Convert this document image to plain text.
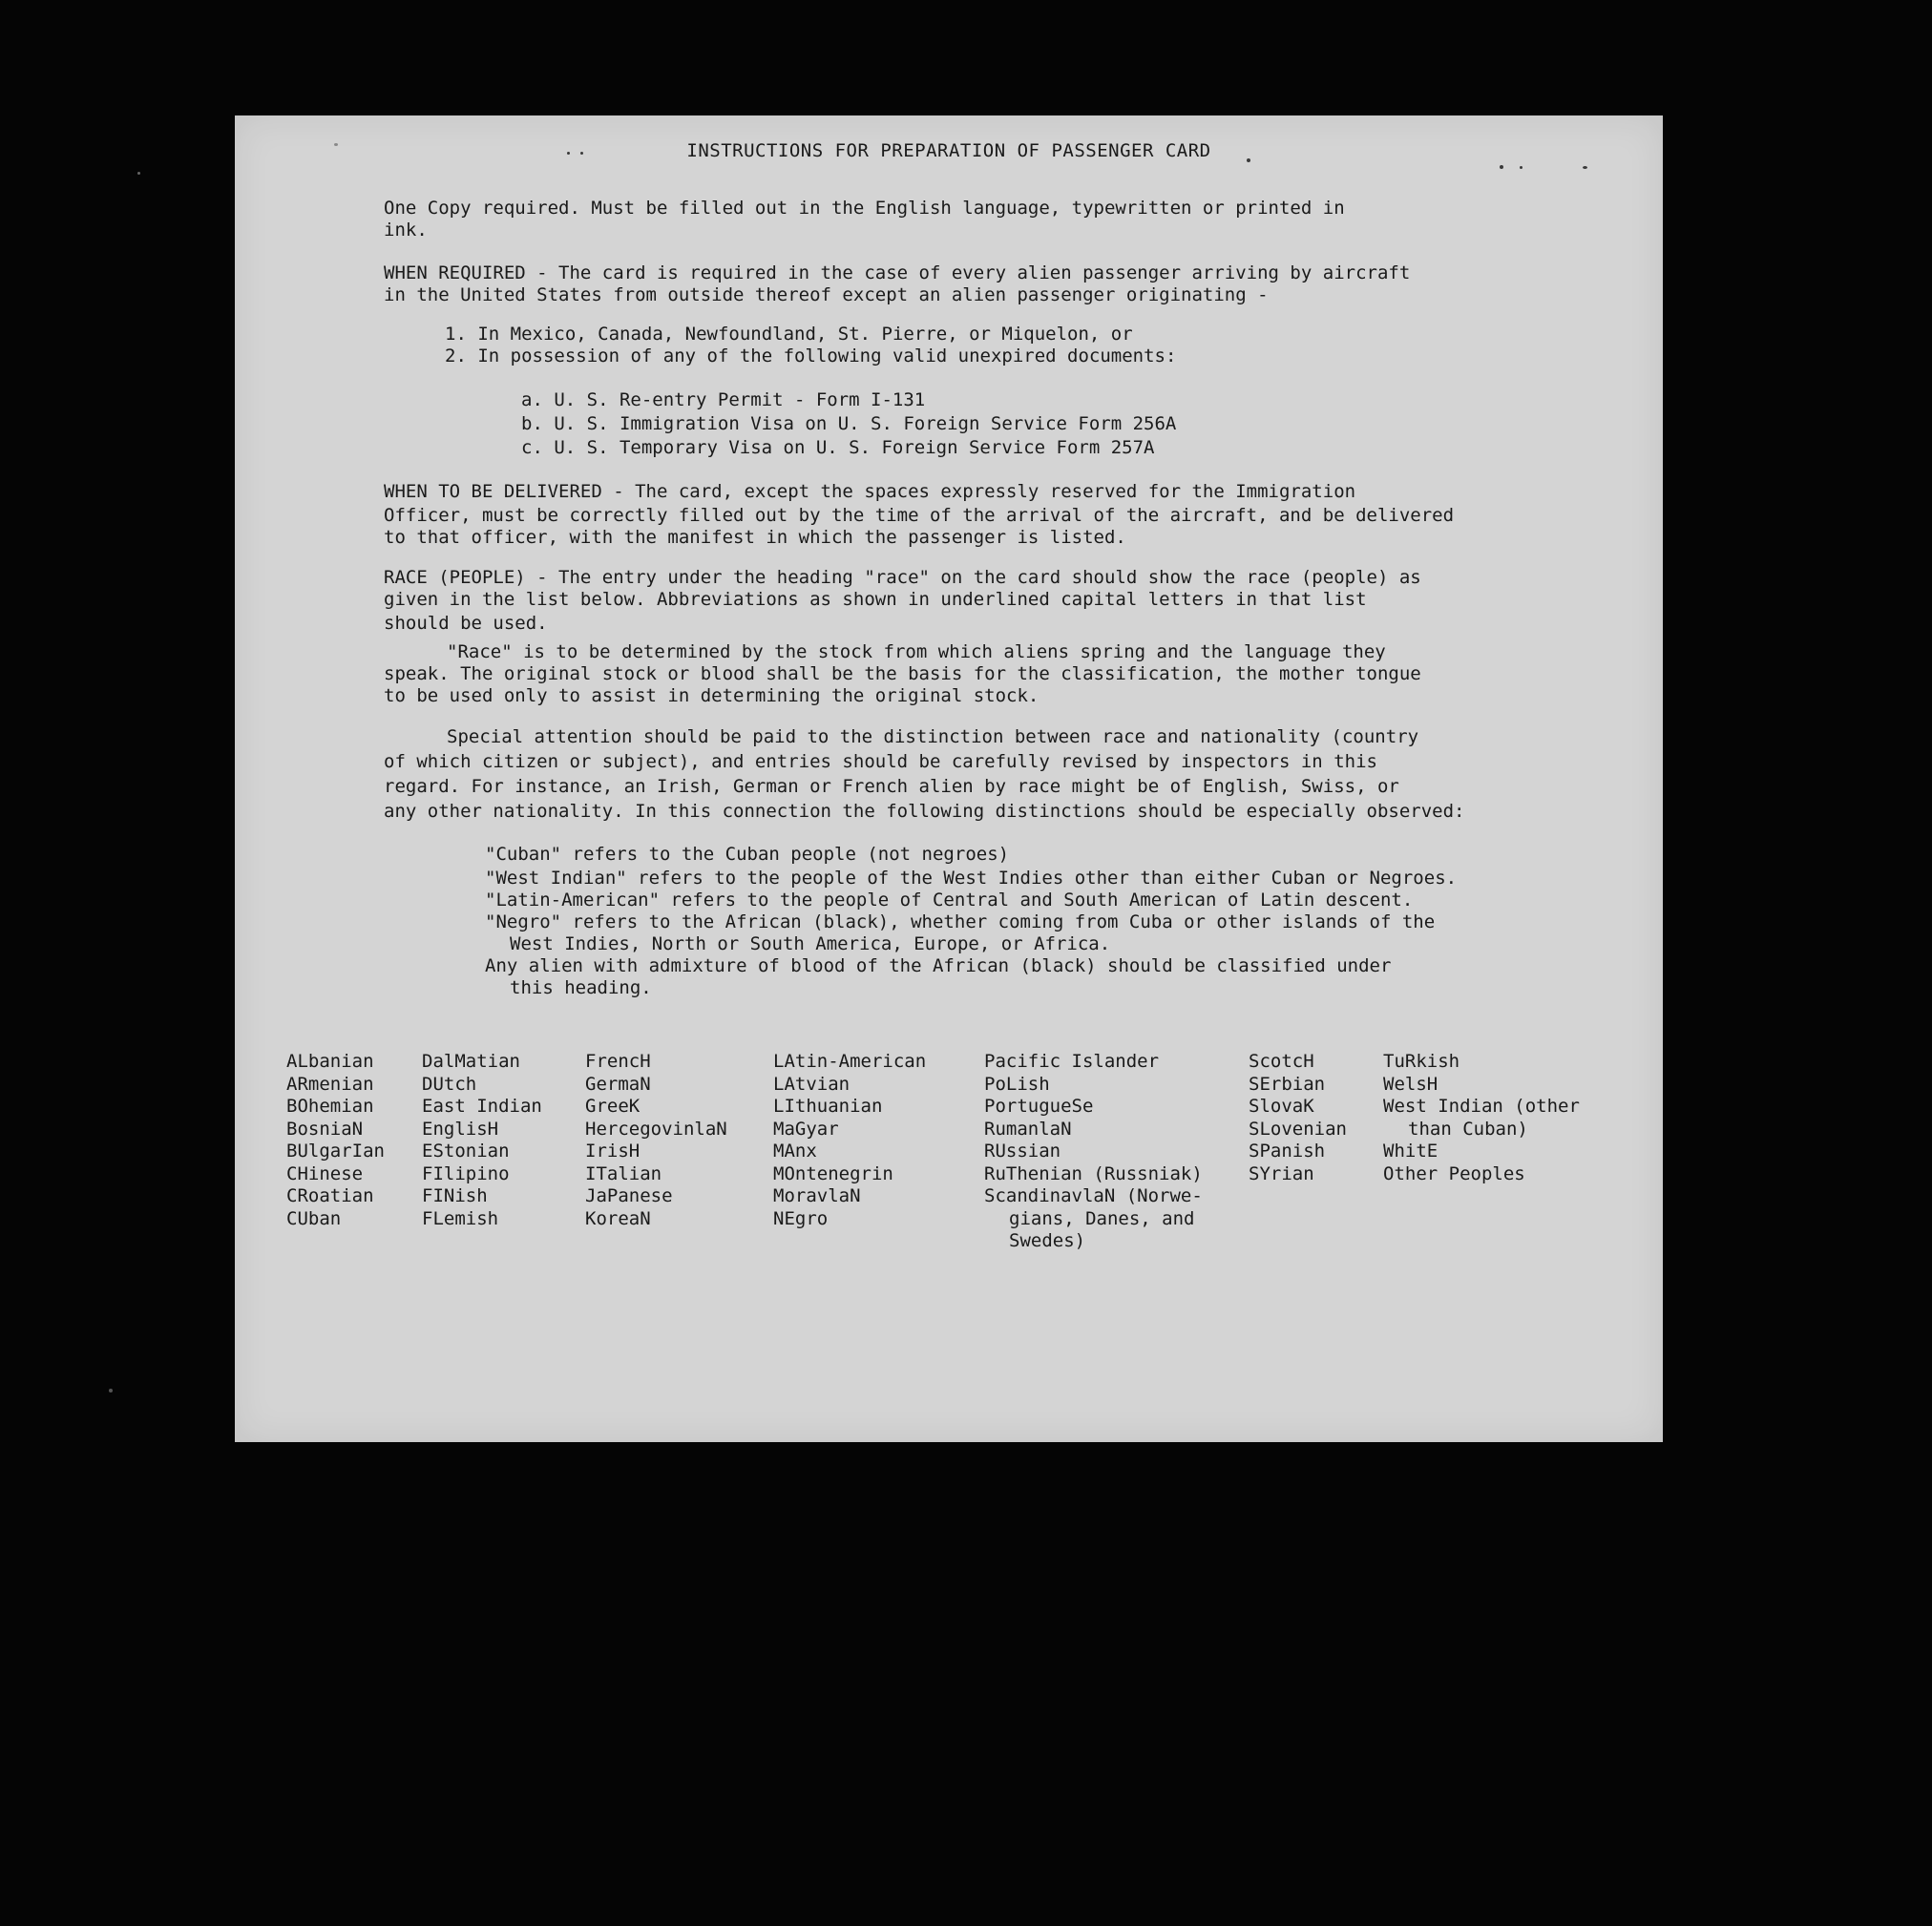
INSTRUCTIONS FOR PREPARATION OF PASSENGER CARD
One Copy required. Must be filled out in the English language, typewritten or printed in
ink.
WHEN REQUIRED - The card is required in the case of every alien passenger arriving by aircraft
in the United States from outside thereof except an alien passenger originating -
1. In Mexico, Canada, Newfoundland, St. Pierre, or Miquelon, or
2. In possession of any of the following valid unexpired documents:
a. U. S. Re-entry Permit - Form I-131
b. U. S. Immigration Visa on U. S. Foreign Service Form 256A
c. U. S. Temporary Visa on U. S. Foreign Service Form 257A
WHEN TO BE DELIVERED - The card, except the spaces expressly reserved for the Immigration
Officer, must be correctly filled out by the time of the arrival of the aircraft, and be delivered
to that officer, with the manifest in which the passenger is listed.
RACE (PEOPLE) - The entry under the heading "race" on the card should show the race (people) as
given in the list below. Abbreviations as shown in underlined capital letters in that list
should be used.
"Race" is to be determined by the stock from which aliens spring and the language they
speak. The original stock or blood shall be the basis for the classification, the mother tongue
to be used only to assist in determining the original stock.
Special attention should be paid to the distinction between race and nationality (country
of which citizen or subject), and entries should be carefully revised by inspectors in this
regard. For instance, an Irish, German or French alien by race might be of English, Swiss, or
any other nationality. In this connection the following distinctions should be especially observed:
"Cuban" refers to the Cuban people (not negroes)
"West Indian" refers to the people of the West Indies other than either Cuban or Negroes.
"Latin-American" refers to the people of Central and South American of Latin descent.
"Negro" refers to the African (black), whether coming from Cuba or other islands of the
West Indies, North or South America, Europe, or Africa.
Any alien with admixture of blood of the African (black) should be classified under
this heading.
ALbanian
ARmenian
BOhemian
BosniaN
BUlgarIan
CHinese
CRoatian
CUban
DalMatian
DUtch
East Indian
EnglisH
EStonian
FIlipino
FINish
FLemish
FrencH
GermaN
GreeK
HercegovinlaN
IrisH
ITalian
JaPanese
KoreaN
LAtin-American
LAtvian
LIthuanian
MaGyar
MAnx
MOntenegrin
MoravlaN
NEgro
Pacific Islander
PoLish
PortugueSe
RumanlaN
RUssian
RuThenian (Russniak)
ScandinavlaN (Norwe-
gians, Danes, and
Swedes)
ScotcH
SErbian
SlovaK
SLovenian
SPanish
SYrian
TuRkish
WelsH
West Indian (other
than Cuban)
WhitE
Other Peoples
